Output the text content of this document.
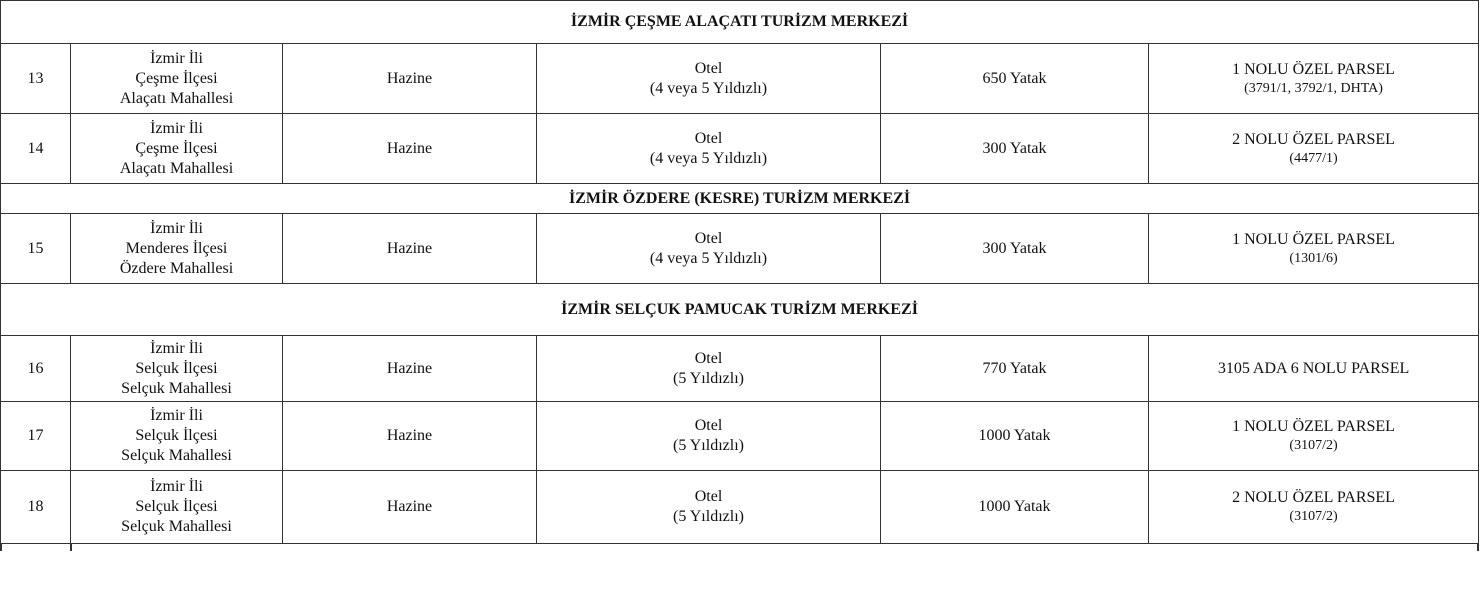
İZMİR ÇEŞME ALAÇATI TURİZM MERKEZİ					
13	İzmir İli
Çeşme İlçesi
Alaçatı Mahallesi	Hazine	Otel
(4 veya 5 Yıldızlı)	650 Yatak	1 NOLU ÖZEL PARSEL
(3791/1, 3792/1, DHTA)

14	İzmir İli
Çeşme İlçesi
Alaçatı Mahallesi	Hazine	Otel
(4 veya 5 Yıldızlı)	300 Yatak	2 NOLU ÖZEL PARSEL
(4477/1)

İZMİR ÖZDERE (KESRE) TURİZM MERKEZİ					
15	İzmir İli
Menderes İlçesi
Özdere Mahallesi	Hazine	Otel
(4 veya 5 Yıldızlı)	300 Yatak	1 NOLU ÖZEL PARSEL
(1301/6)

İZMİR SELÇUK PAMUCAK TURİZM MERKEZİ					
16	İzmir İli
Selçuk İlçesi
Selçuk Mahallesi	Hazine	Otel
(5 Yıldızlı)	770 Yatak	3105 ADA 6 NOLU PARSEL

17	İzmir İli
Selçuk İlçesi
Selçuk Mahallesi	Hazine	Otel
(5 Yıldızlı)	1000 Yatak	1 NOLU ÖZEL PARSEL
(3107/2)

18	İzmir İli
Selçuk İlçesi
Selçuk Mahallesi	Hazine	Otel
(5 Yıldızlı)	1000 Yatak	2 NOLU ÖZEL PARSEL
(3107/2)
